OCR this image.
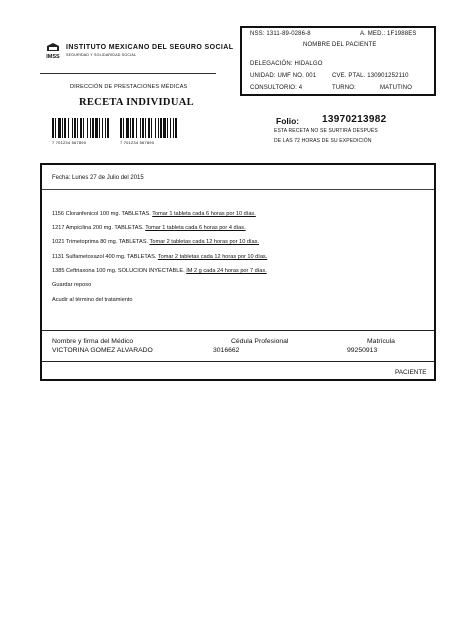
IMSS
INSTITUTO MEXICANO DEL SEGURO SOCIAL
SEGURIDAD Y SOLIDARIDAD SOCIAL
DIRECCIÓN DE PRESTACIONES MÉDICAS
RECETA INDIVIDUAL
7 701234 567890	7 701234 567890
NSS: 1311-89-0286-8	A. MED.: 1F1988ES
NOMBRE DEL PACIENTE
DELEGACIÓN: HIDALGO
UNIDAD: UMF NO. 001	CVE. PTAL. 130901252110
CONSULTORIO: 4	TURNO:	MATUTINO
Folio: 13970213982
ESTA RECETA NO SE SURTIRÁ DESPUÉS
DE LAS 72 HORAS DE SU EXPEDICIÓN
Fecha: Lunes 27 de Julio del 2015
1156 Cloranfenicol 100 mg. TABLETAS. Tomar 1 tableta cada 6 horas por 10 días.
1217 Ampicilina 200 mg. TABLETAS. Tomar 1 tableta cada 6 horas por 4 días.
1021 Trimetoprima 80 mg. TABLETAS. Tomar 2 tabletas cada 12 horas por 10 días.
1131 Sulfametoxazol 400 mg. TABLETAS. Tomar 2 tabletas cada 12 horas por 10 días.
1385 Ceftriaxona 100 mg. SOLUCION INYECTABLE. IM 2 g cada 24 horas por 7 días.
Guardar reposo
Acudir al término del tratamiento
Nombre y firma del Médico	Cédula Profesional	Matrícula
VICTORINA GOMEZ ALVARADO	3016662	99250913
PACIENTE
